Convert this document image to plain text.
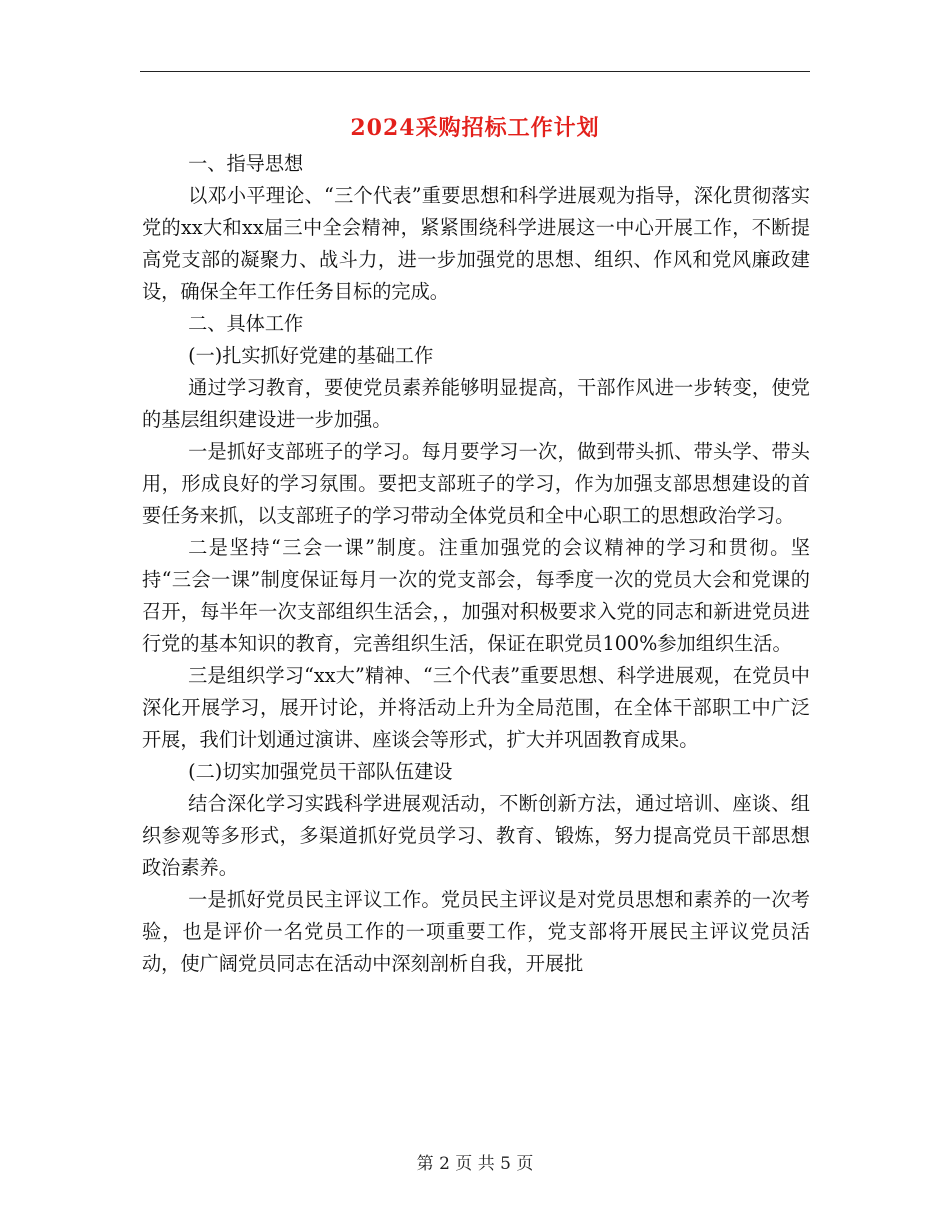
2024采购招标工作计划

一、指导思想

以邓小平理论、“三个代表”重要思想和科学进展观为指导，深化贯彻落实党的xx大和xx届三中全会精神，紧紧围绕科学进展这一中心开展工作，不断提高党支部的凝聚力、战斗力，进一步加强党的思想、组织、作风和党风廉政建设，确保全年工作任务目标的完成。

二、具体工作

(一)扎实抓好党建的基础工作

通过学习教育，要使党员素养能够明显提高，干部作风进一步转变，使党的基层组织建设进一步加强。

一是抓好支部班子的学习。每月要学习一次，做到带头抓、带头学、带头用，形成良好的学习氛围。要把支部班子的学习，作为加强支部思想建设的首要任务来抓，以支部班子的学习带动全体党员和全中心职工的思想政治学习。

二是坚持“三会一课”制度。注重加强党的会议精神的学习和贯彻。坚持“三会一课”制度保证每月一次的党支部会，每季度一次的党员大会和党课的召开，每半年一次支部组织生活会，，加强对积极要求入党的同志和新进党员进行党的基本知识的教育，完善组织生活，保证在职党员100%参加组织生活。

三是组织学习“xx大”精神、“三个代表”重要思想、科学进展观，在党员中深化开展学习，展开讨论，并将活动上升为全局范围，在全体干部职工中广泛开展，我们计划通过演讲、座谈会等形式，扩大并巩固教育成果。

(二)切实加强党员干部队伍建设

结合深化学习实践科学进展观活动，不断创新方法，通过培训、座谈、组织参观等多形式，多渠道抓好党员学习、教育、锻炼，努力提高党员干部思想政治素养。

一是抓好党员民主评议工作。党员民主评议是对党员思想和素养的一次考验，也是评价一名党员工作的一项重要工作，党支部将开展民主评议党员活动，使广阔党员同志在活动中深刻剖析自我，开展批

第 2 页 共 5 页
